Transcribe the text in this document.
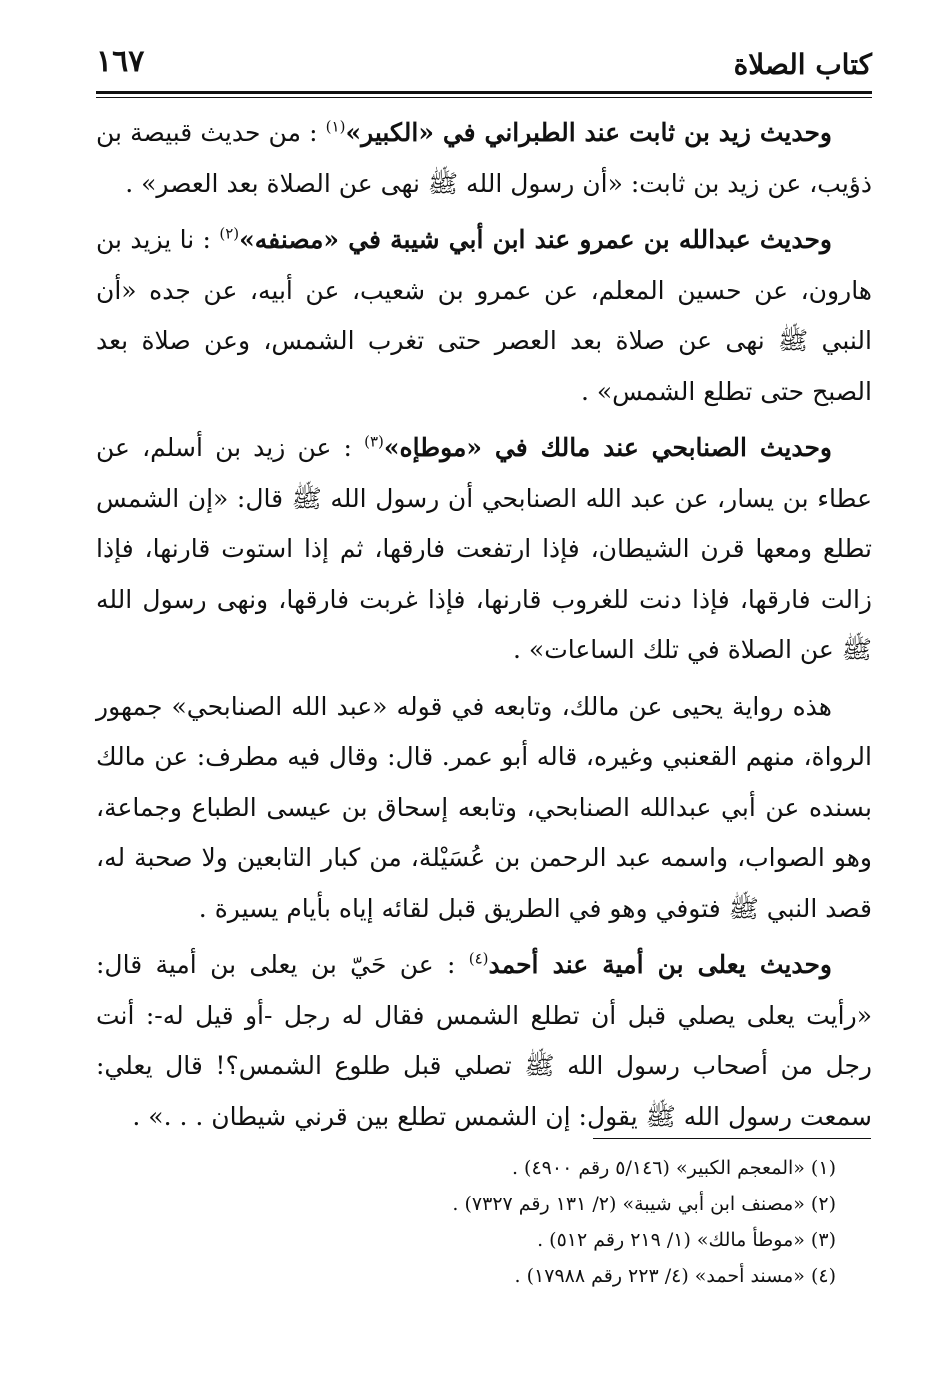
كتاب الصلاة
١٦٧

وحديث زيد بن ثابت عند الطبراني في «الكبير»$^{(١)}$ : من حديث قبيصة بن ذؤيب، عن زيد بن ثابت: «أن رسول الله ﷺ نهى عن الصلاة بعد العصر» .

وحديث عبدالله بن عمرو عند ابن أبي شيبة في «مصنفه»$^{(٢)}$ : نا يزيد بن هارون، عن حسين المعلم، عن عمرو بن شعيب، عن أبيه، عن جده «أن النبي ﷺ نهى عن صلاة بعد العصر حتى تغرب الشمس، وعن صلاة بعد الصبح حتى تطلع الشمس» .

وحديث الصنابحي عند مالك في «موطإه»$^{(٣)}$ : عن زيد بن أسلم، عن عطاء بن يسار، عن عبد الله الصنابحي أن رسول الله ﷺ قال: «إن الشمس تطلع ومعها قرن الشيطان، فإذا ارتفعت فارقها، ثم إذا استوت قارنها، فإذا زالت فارقها، فإذا دنت للغروب قارنها، فإذا غربت فارقها، ونهى رسول الله ﷺ عن الصلاة في تلك الساعات» .

هذه رواية يحيى عن مالك، وتابعه في قوله «عبد الله الصنابحي» جمهور الرواة، منهم القعنبي وغيره، قاله أبو عمر. قال: وقال فيه مطرف: عن مالك بسنده عن أبي عبدالله الصنابحي، وتابعه إسحاق بن عيسى الطباع وجماعة، وهو الصواب، واسمه عبد الرحمن بن عُسَيْلة، من كبار التابعين ولا صحبة له، قصد النبي ﷺ فتوفي وهو في الطريق قبل لقائه إياه بأيام يسيرة .

وحديث يعلى بن أمية عند أحمد$^{(٤)}$ : عن حَيّ بن يعلى بن أمية قال: «رأيت يعلى يصلي قبل أن تطلع الشمس فقال له رجل -أو قيل له-: أنت رجل من أصحاب رسول الله ﷺ تصلي قبل طلوع الشمس؟! قال يعلي: سمعت رسول الله ﷺ يقول: إن الشمس تطلع بين قرني شيطان . . .» .

(١) «المعجم الكبير» (٥/١٤٦ رقم ٤٩٠٠) .

(٢) «مصنف ابن أبي شيبة» (٢/ ١٣١ رقم ٧٣٢٧) .

(٣) «موطأ مالك» (١/ ٢١٩ رقم ٥١٢) .

(٤) «مسند أحمد» (٤/ ٢٢٣ رقم ١٧٩٨٨) .
